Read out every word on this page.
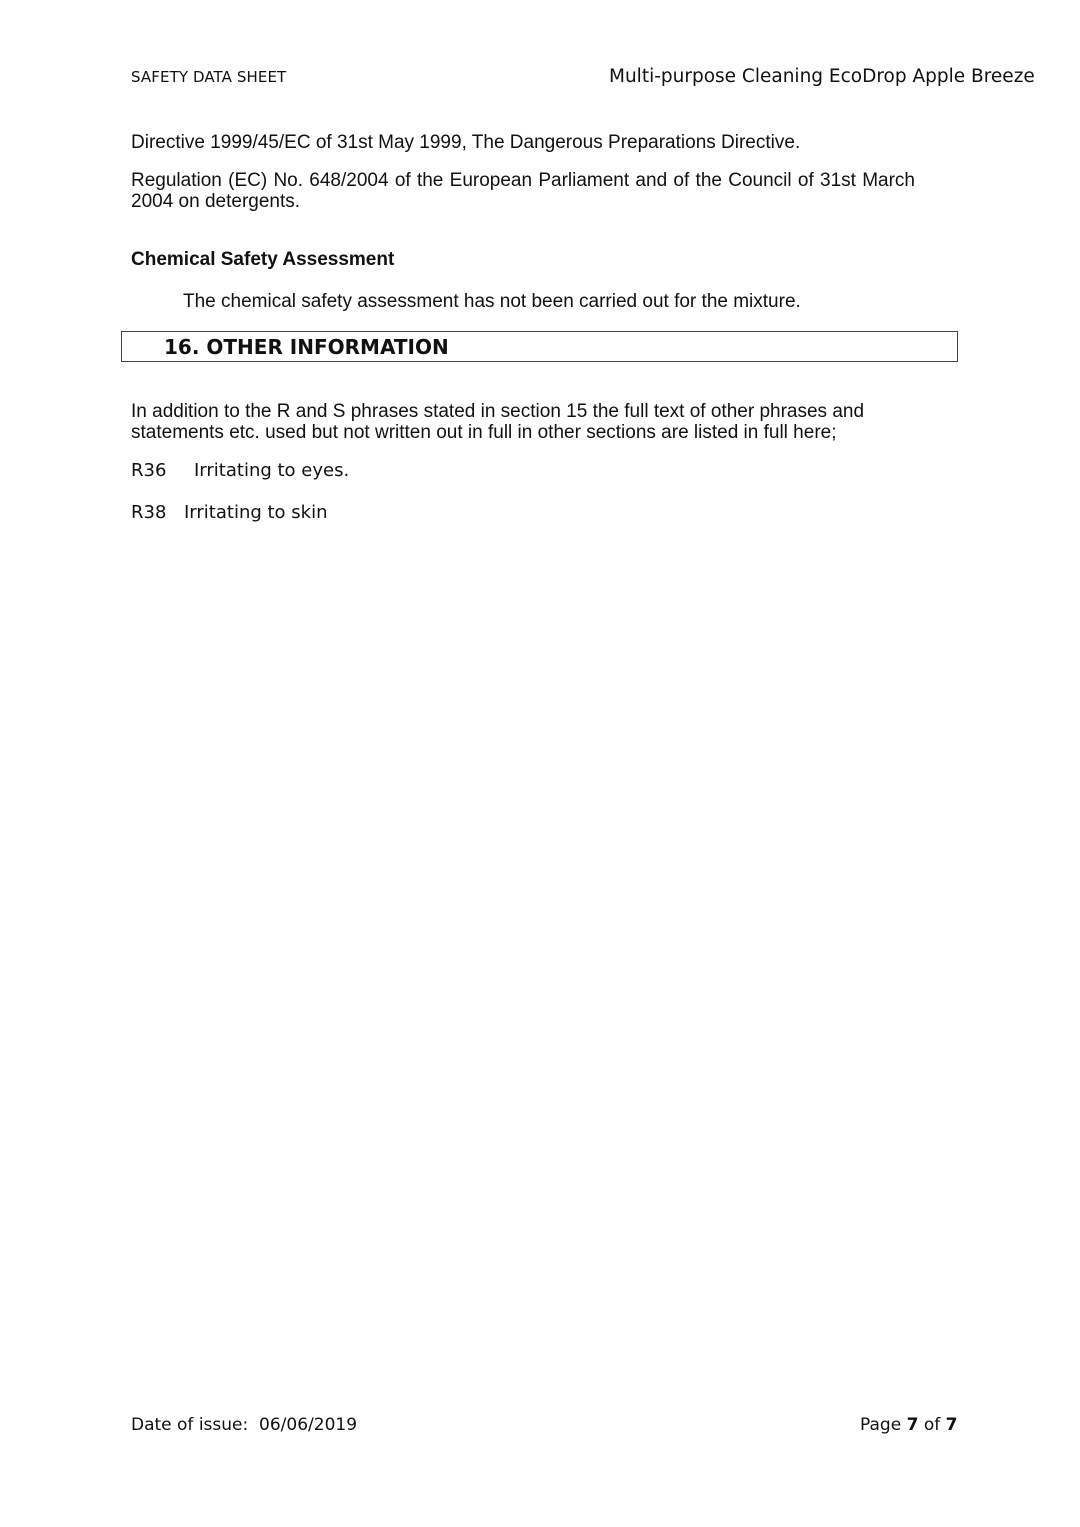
SAFETY DATA SHEET	Multi-purpose Cleaning EcoDrop Apple Breeze
Directive 1999/45/EC of 31st May 1999, The Dangerous Preparations Directive.
Regulation (EC) No. 648/2004 of the European Parliament and of the Council of 31st March 2004 on detergents.
Chemical Safety Assessment
The chemical safety assessment has not been carried out for the mixture.
16. OTHER INFORMATION
In addition to the R and S phrases stated in section 15 the full text of other phrases and statements etc. used but not written out in full in other sections are listed in full here;
R36 Irritating to eyes.
R38 Irritating to skin
Date of issue: 06/06/2019	Page 7 of 7
